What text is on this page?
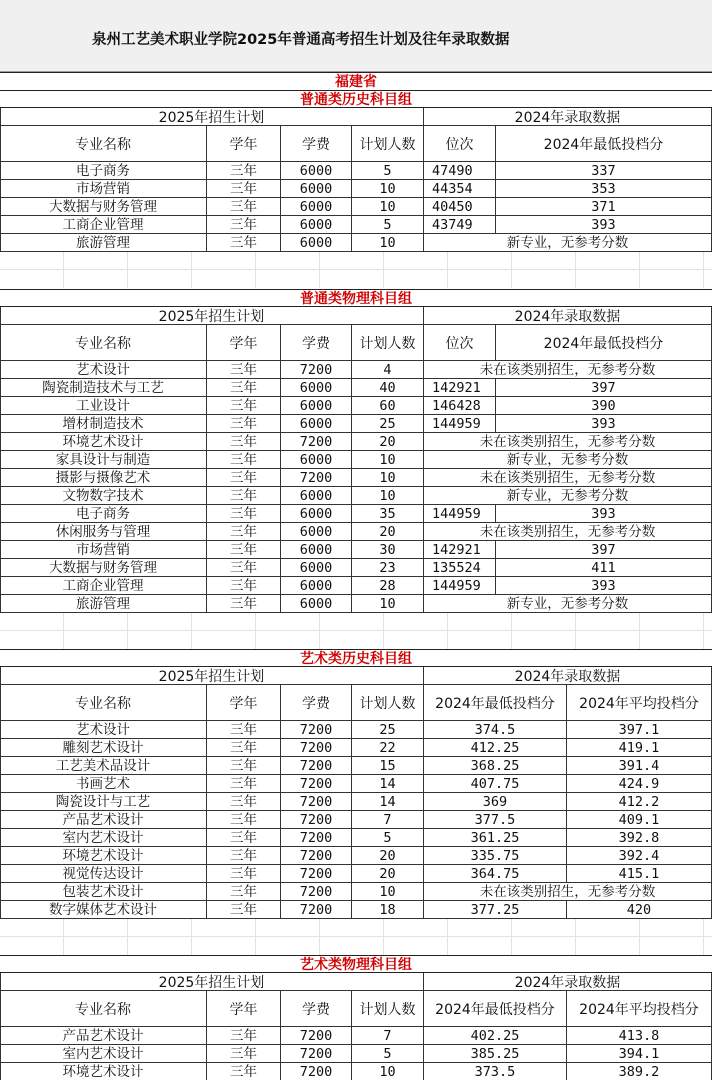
泉州工艺美术职业学院2025年普通高考招生计划及往年录取数据
福建省
普通类历史科目组
2025年招生计划	2024年录取数据
专业名称	学年	学费	计划人数	位次	2024年最低投档分
电子商务	三年	6000	5	47490	337
市场营销	三年	6000	10	44354	353
大数据与财务管理	三年	6000	10	40450	371
工商企业管理	三年	6000	5	43749	393
旅游管理	三年	6000	10	新专业，无参考分数
普通类物理科目组
2025年招生计划	2024年录取数据
专业名称	学年	学费	计划人数	位次	2024年最低投档分
艺术设计	三年	7200	4	未在该类别招生，无参考分数
陶瓷制造技术与工艺	三年	6000	40	142921	397
工业设计	三年	6000	60	146428	390
增材制造技术	三年	6000	25	144959	393
环境艺术设计	三年	7200	20	未在该类别招生，无参考分数
家具设计与制造	三年	6000	10	新专业，无参考分数
摄影与摄像艺术	三年	7200	10	未在该类别招生，无参考分数
文物数字技术	三年	6000	10	新专业，无参考分数
电子商务	三年	6000	35	144959	393
休闲服务与管理	三年	6000	20	未在该类别招生，无参考分数
市场营销	三年	6000	30	142921	397
大数据与财务管理	三年	6000	23	135524	411
工商企业管理	三年	6000	28	144959	393
旅游管理	三年	6000	10	新专业，无参考分数
艺术类历史科目组
2025年招生计划	2024年录取数据
专业名称	学年	学费	计划人数	2024年最低投档分	2024年平均投档分
艺术设计	三年	7200	25	374.5	397.1
雕刻艺术设计	三年	7200	22	412.25	419.1
工艺美术品设计	三年	7200	15	368.25	391.4
书画艺术	三年	7200	14	407.75	424.9
陶瓷设计与工艺	三年	7200	14	369	412.2
产品艺术设计	三年	7200	7	377.5	409.1
室内艺术设计	三年	7200	5	361.25	392.8
环境艺术设计	三年	7200	20	335.75	392.4
视觉传达设计	三年	7200	20	364.75	415.1
包装艺术设计	三年	7200	10	未在该类别招生，无参考分数
数字媒体艺术设计	三年	7200	18	377.25	420
艺术类物理科目组
2025年招生计划	2024年录取数据
专业名称	学年	学费	计划人数	2024年最低投档分	2024年平均投档分
产品艺术设计	三年	7200	7	402.25	413.8
室内艺术设计	三年	7200	5	385.25	394.1
环境艺术设计	三年	7200	10	373.5	389.2
